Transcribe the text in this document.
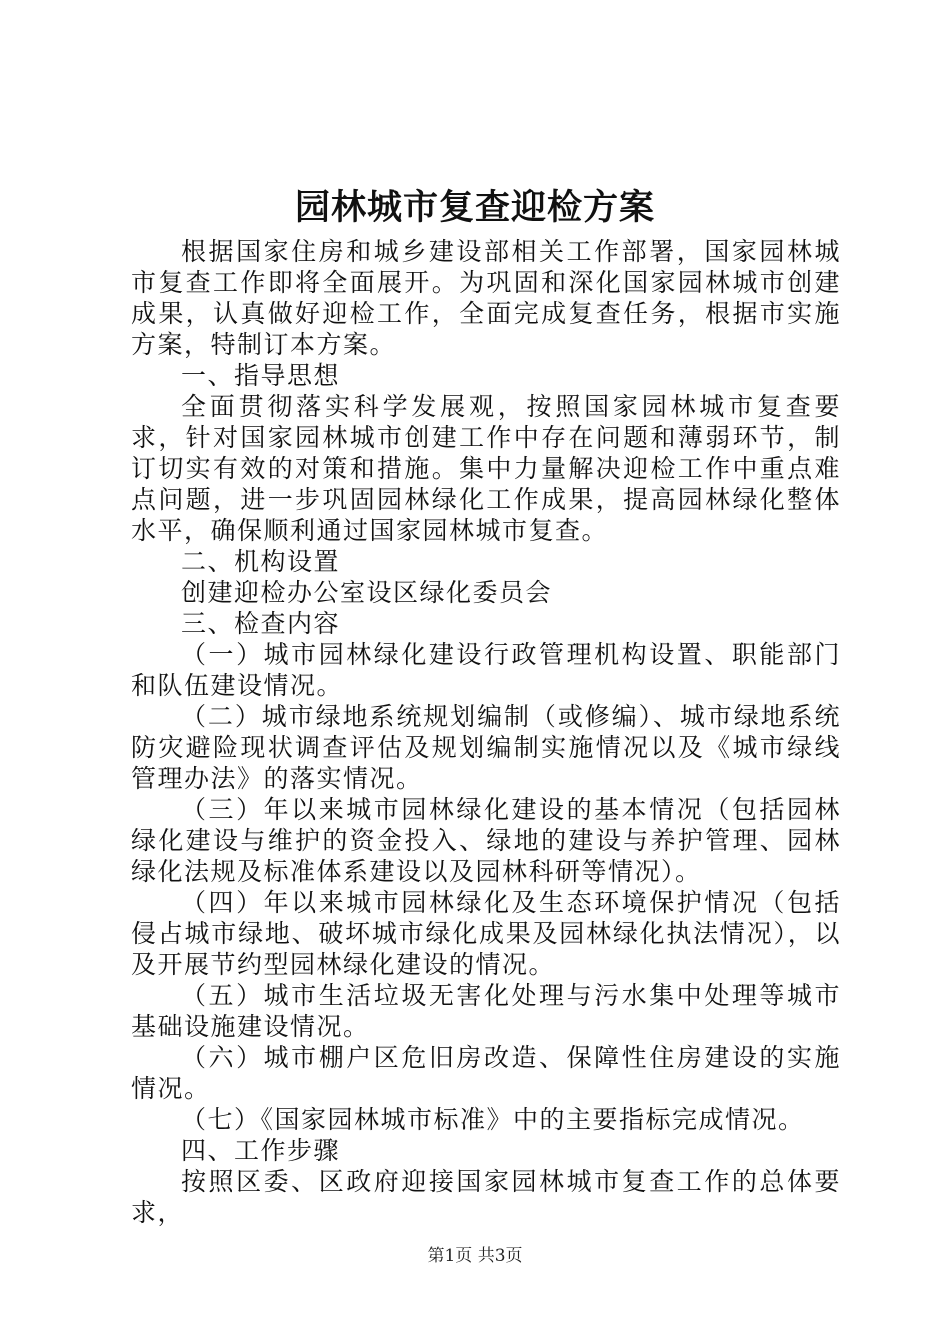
园林城市复查迎检方案

根据国家住房和城乡建设部相关工作部署，国家园林城市复查工作即将全面展开。为巩固和深化国家园林城市创建成果，认真做好迎检工作，全面完成复查任务，根据市实施方案，特制订本方案。

一、指导思想

全面贯彻落实科学发展观，按照国家园林城市复查要求，针对国家园林城市创建工作中存在问题和薄弱环节，制订切实有效的对策和措施。集中力量解决迎检工作中重点难点问题，进一步巩固园林绿化工作成果，提高园林绿化整体水平，确保顺利通过国家园林城市复查。

二、机构设置

创建迎检办公室设区绿化委员会

三、检查内容

（一）城市园林绿化建设行政管理机构设置、职能部门和队伍建设情况。

（二）城市绿地系统规划编制（或修编）、城市绿地系统防灾避险现状调查评估及规划编制实施情况以及《城市绿线管理办法》的落实情况。

（三）年以来城市园林绿化建设的基本情况（包括园林绿化建设与维护的资金投入、绿地的建设与养护管理、园林绿化法规及标准体系建设以及园林科研等情况）。

（四）年以来城市园林绿化及生态环境保护情况（包括侵占城市绿地、破坏城市绿化成果及园林绿化执法情况），以及开展节约型园林绿化建设的情况。

（五）城市生活垃圾无害化处理与污水集中处理等城市基础设施建设情况。

（六）城市棚户区危旧房改造、保障性住房建设的实施情况。

（七）《国家园林城市标准》中的主要指标完成情况。

四、工作步骤

按照区委、区政府迎接国家园林城市复查工作的总体要求，

第1页 共3页
